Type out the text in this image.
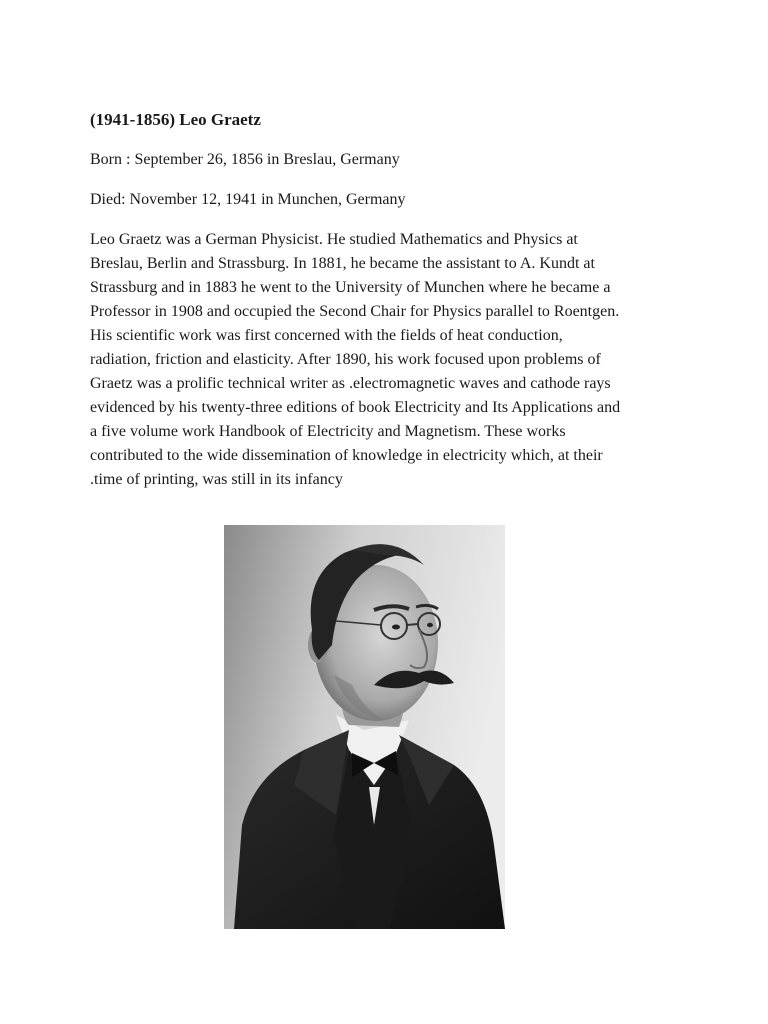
(1941-1856) Leo Graetz
Born : September 26, 1856 in Breslau, Germany
Died: November 12, 1941 in Munchen, Germany
Leo Graetz was a German Physicist. He studied Mathematics and Physics at
Breslau, Berlin and Strassburg. In 1881, he became the assistant to A. Kundt at
Strassburg and in 1883 he went to the University of Munchen where he became a
Professor in 1908 and occupied the Second Chair for Physics parallel to Roentgen.
His scientific work was first concerned with the fields of heat conduction,
radiation, friction and elasticity. After 1890, his work focused upon problems of
Graetz was a prolific technical writer as .electromagnetic waves and cathode rays
evidenced by his twenty-three editions of book Electricity and Its Applications and
a five volume work Handbook of Electricity and Magnetism. These works
contributed to the wide dissemination of knowledge in electricity which, at their
.time of printing, was still in its infancy
